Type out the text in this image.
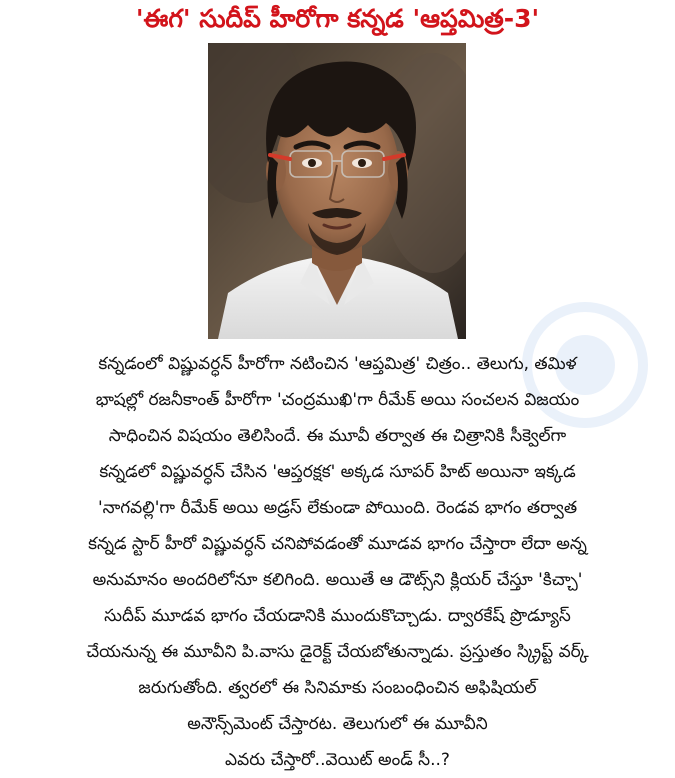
'ఈగ' సుదీప్ హీరోగా కన్నడ 'ఆప్తమిత్ర-3'
కన్నడంలో విష్ణువర్ధన్ హీరోగా నటించిన 'ఆప్తమిత్ర' చిత్రం.. తెలుగు, తమిళ
భాషల్లో రజనీకాంత్ హీరోగా 'చంద్రముఖి'గా రీమేక్ అయి సంచలన విజయం
సాధించిన విషయం తెలిసిందే. ఈ మూవీ తర్వాత ఈ చిత్రానికి సీక్వెల్‌గా
కన్నడలో విష్ణువర్ధన్ చేసిన 'ఆప్తరక్షక' అక్కడ సూపర్ హిట్ అయినా ఇక్కడ
'నాగవల్లి'గా రీమేక్ అయి అడ్రస్ లేకుండా పోయింది. రెండవ భాగం తర్వాత
కన్నడ స్టార్ హీరో విష్ణువర్ధన్ చనిపోవడంతో మూడవ భాగం చేస్తారా లేదా అన్న
అనుమానం అందరిలోనూ కలిగింది. అయితే ఆ డౌట్స్‌ని క్లియర్ చేస్తూ 'కిచ్చా'
సుదీప్ మూడవ భాగం చేయడానికి ముందుకొచ్చాడు. ద్వారకేష్ ప్రొడ్యూస్
చేయనున్న ఈ మూవీని పి.వాసు డైరెక్ట్ చేయబోతున్నాడు. ప్రస్తుతం స్క్రిప్ట్ వర్క్
జరుగుతోంది. త్వరలో ఈ సినిమాకు సంబంధించిన అఫిషియల్
అనౌన్స్‌మెంట్ చేస్తారట. తెలుగులో ఈ మూవీని
ఎవరు చేస్తారో..వెయిట్ అండ్ సీ..?
